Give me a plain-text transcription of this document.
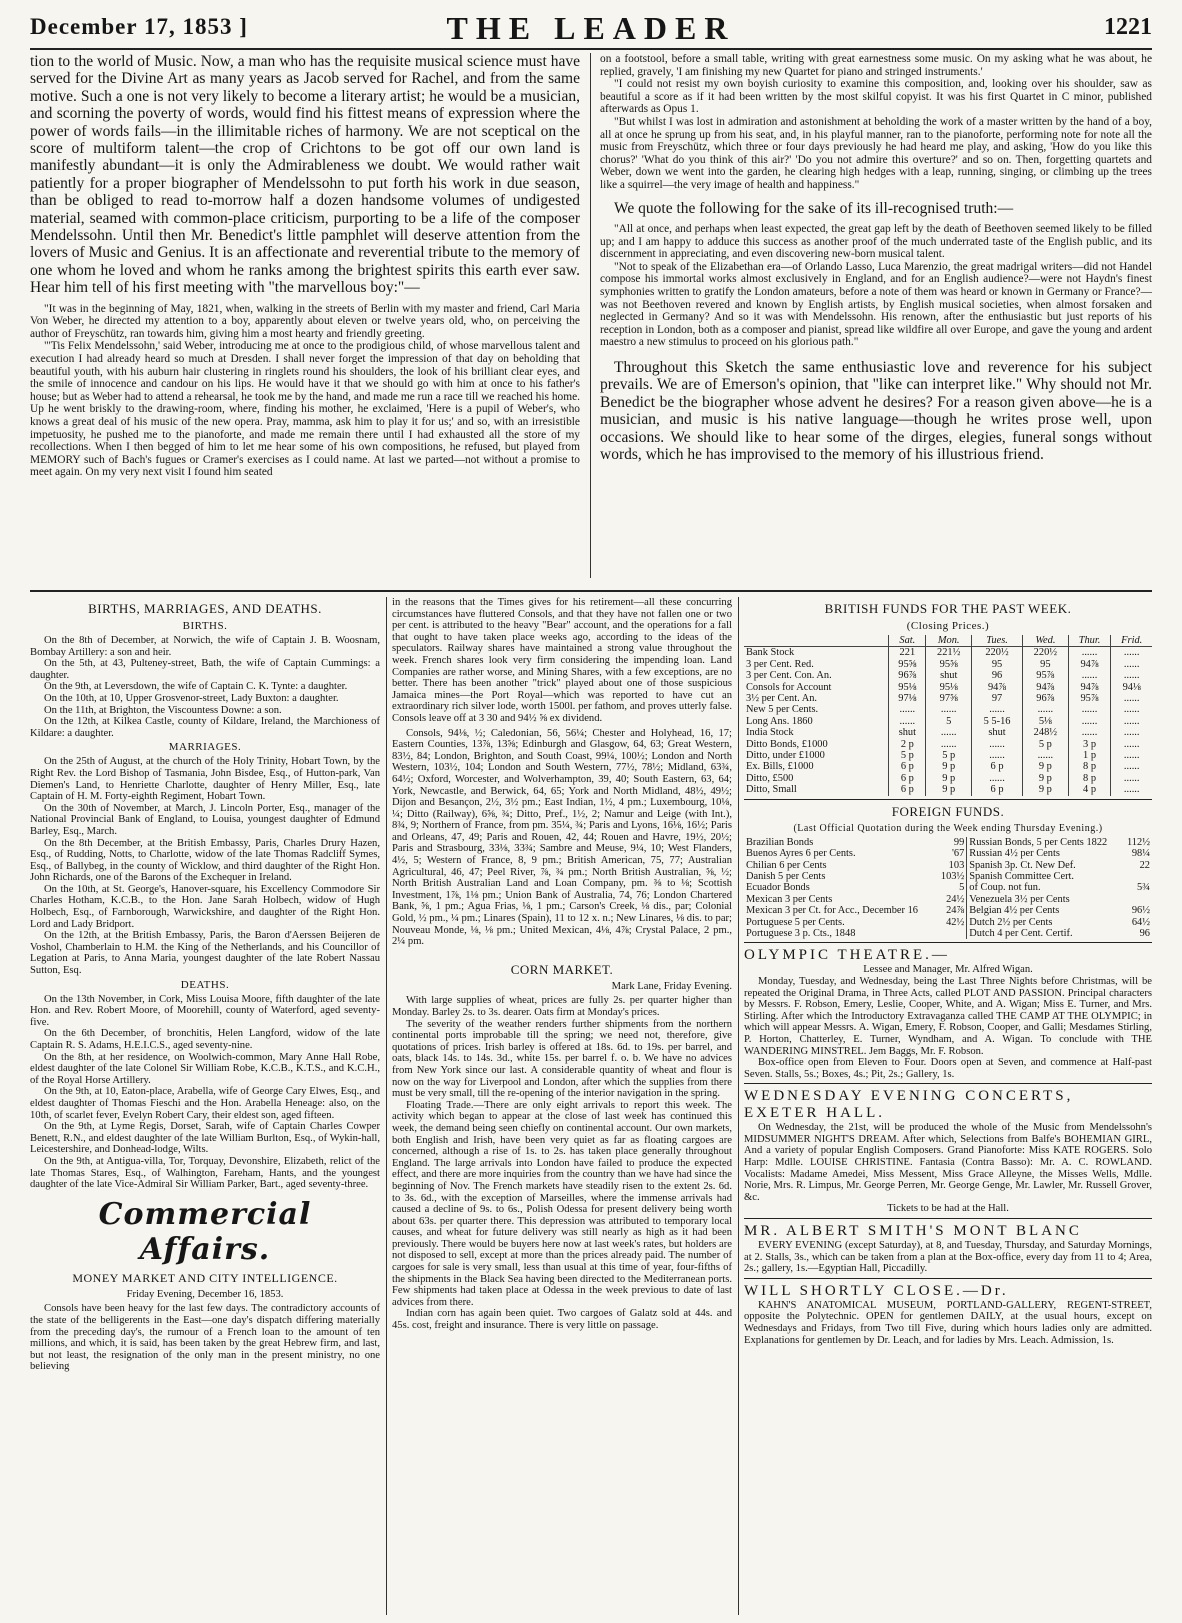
December 17, 1853 ]	THE LEADER	1221

tion to the world of Music. Now, a man who has the requisite musical science must have served for the Divine Art as many years as Jacob served for Rachel, and from the same motive. Such a one is not very likely to become a literary artist; he would be a musician, and scorning the poverty of words, would find his fittest means of expression where the power of words fails—in the illimitable riches of harmony. We are not sceptical on the score of multiform talent—the crop of Crichtons to be got off our own land is manifestly abundant—it is only the Admirableness we doubt. We would rather wait patiently for a proper biographer of Mendelssohn to put forth his work in due season, than be obliged to read to-morrow half a dozen handsome volumes of undigested material, seamed with common-place criticism, purporting to be a life of the composer Mendelssohn. Until then Mr. Benedict's little pamphlet will deserve attention from the lovers of Music and Genius. It is an affectionate and reverential tribute to the memory of one whom he loved and whom he ranks among the brightest spirits this earth ever saw. Hear him tell of his first meeting with "the marvellous boy:"—

"It was in the beginning of May, 1821, when, walking in the streets of Berlin with my master and friend, Carl Maria Von Weber, he directed my attention to a boy, apparently about eleven or twelve years old, who, on perceiving the author of Freyschütz, ran towards him, giving him a most hearty and friendly greeting.

"'Tis Felix Mendelssohn,' said Weber, introducing me at once to the prodigious child, of whose marvellous talent and execution I had already heard so much at Dresden. I shall never forget the impression of that day on beholding that beautiful youth, with his auburn hair clustering in ringlets round his shoulders, the look of his brilliant clear eyes, and the smile of innocence and candour on his lips. He would have it that we should go with him at once to his father's house; but as Weber had to attend a rehearsal, he took me by the hand, and made me run a race till we reached his home. Up he went briskly to the drawing-room, where, finding his mother, he exclaimed, 'Here is a pupil of Weber's, who knows a great deal of his music of the new opera. Pray, mamma, ask him to play it for us;' and so, with an irresistible impetuosity, he pushed me to the pianoforte, and made me remain there until I had exhausted all the store of my recollections. When I then begged of him to let me hear some of his own compositions, he refused, but played from MEMORY such of Bach's fugues or Cramer's exercises as I could name. At last we parted—not without a promise to meet again. On my very next visit I found him seated

on a footstool, before a small table, writing with great earnestness some music. On my asking what he was about, he replied, gravely, 'I am finishing my new Quartet for piano and stringed instruments.'

"I could not resist my own boyish curiosity to examine this composition, and, looking over his shoulder, saw as beautiful a score as if it had been written by the most skilful copyist. It was his first Quartet in C minor, published afterwards as Opus 1.

"But whilst I was lost in admiration and astonishment at beholding the work of a master written by the hand of a boy, all at once he sprung up from his seat, and, in his playful manner, ran to the pianoforte, performing note for note all the music from Freyschütz, which three or four days previously he had heard me play, and asking, 'How do you like this chorus?' 'What do you think of this air?' 'Do you not admire this overture?' and so on. Then, forgetting quartets and Weber, down we went into the garden, he clearing high hedges with a leap, running, singing, or climbing up the trees like a squirrel—the very image of health and happiness."

We quote the following for the sake of its ill-recognised truth:—

"All at once, and perhaps when least expected, the great gap left by the death of Beethoven seemed likely to be filled up; and I am happy to adduce this success as another proof of the much underrated taste of the English public, and its discernment in appreciating, and even discovering new-born musical talent.

"Not to speak of the Elizabethan era—of Orlando Lasso, Luca Marenzio, the great madrigal writers—did not Handel compose his immortal works almost exclusively in England, and for an English audience?—were not Haydn's finest symphonies written to gratify the London amateurs, before a note of them was heard or known in Germany or France?—was not Beethoven revered and known by English artists, by English musical societies, when almost forsaken and neglected in Germany? And so it was with Mendelssohn. His renown, after the enthusiastic but just reports of his reception in London, both as a composer and pianist, spread like wildfire all over Europe, and gave the young and ardent maestro a new stimulus to proceed on his glorious path."

Throughout this Sketch the same enthusiastic love and reverence for his subject prevails. We are of Emerson's opinion, that "like can interpret like." Why should not Mr. Benedict be the biographer whose advent he desires? For a reason given above—he is a musician, and music is his native language—though he writes prose well, upon occasions. We should like to hear some of the dirges, elegies, funeral songs without words, which he has improvised to the memory of his illustrious friend.

BIRTHS, MARRIAGES, AND DEATHS.
BIRTHS.

On the 8th of December, at Norwich, the wife of Captain J. B. Woosnam, Bombay Artillery: a son and heir.

On the 5th, at 43, Pulteney-street, Bath, the wife of Captain Cummings: a daughter.

On the 9th, at Leversdown, the wife of Captain C. K. Tynte: a daughter.

On the 10th, at 10, Upper Grosvenor-street, Lady Buxton: a daughter.

On the 11th, at Brighton, the Viscountess Downe: a son.

On the 12th, at Kilkea Castle, county of Kildare, Ireland, the Marchioness of Kildare: a daughter.

MARRIAGES.

On the 25th of August, at the church of the Holy Trinity, Hobart Town, by the Right Rev. the Lord Bishop of Tasmania, John Bisdee, Esq., of Hutton-park, Van Diemen's Land, to Henriette Charlotte, daughter of Henry Miller, Esq., late Captain of H. M. Forty-eighth Regiment, Hobart Town.

On the 30th of November, at March, J. Lincoln Porter, Esq., manager of the National Provincial Bank of England, to Louisa, youngest daughter of Edmund Barley, Esq., March.

On the 8th December, at the British Embassy, Paris, Charles Drury Hazen, Esq., of Rudding, Notts, to Charlotte, widow of the late Thomas Radcliff Symes, Esq., of Ballybeg, in the county of Wicklow, and third daughter of the Right Hon. John Richards, one of the Barons of the Exchequer in Ireland.

On the 10th, at St. George's, Hanover-square, his Excellency Commodore Sir Charles Hotham, K.C.B., to the Hon. Jane Sarah Holbech, widow of Hugh Holbech, Esq., of Farnborough, Warwickshire, and daughter of the Right Hon. Lord and Lady Bridport.

On the 12th, at the British Embassy, Paris, the Baron d'Aerssen Beijeren de Voshol, Chamberlain to H.M. the King of the Netherlands, and his Councillor of Legation at Paris, to Anna Maria, youngest daughter of the late Robert Nassau Sutton, Esq.

DEATHS.

On the 13th November, in Cork, Miss Louisa Moore, fifth daughter of the late Hon. and Rev. Robert Moore, of Moorehill, county of Waterford, aged seventy-five.

On the 6th December, of bronchitis, Helen Langford, widow of the late Captain R. S. Adams, H.E.I.C.S., aged seventy-nine.

On the 8th, at her residence, on Woolwich-common, Mary Anne Hall Robe, eldest daughter of the late Colonel Sir William Robe, K.C.B., K.T.S., and K.C.H., of the Royal Horse Artillery.

On the 9th, at 10, Eaton-place, Arabella, wife of George Cary Elwes, Esq., and eldest daughter of Thomas Fieschi and the Hon. Arabella Heneage: also, on the 10th, of scarlet fever, Evelyn Robert Cary, their eldest son, aged fifteen.

On the 9th, at Lyme Regis, Dorset, Sarah, wife of Captain Charles Cowper Benett, R.N., and eldest daughter of the late William Burlton, Esq., of Wykin-hall, Leicestershire, and Donhead-lodge, Wilts.

On the 9th, at Antigua-villa, Tor, Torquay, Devonshire, Elizabeth, relict of the late Thomas Stares, Esq., of Walhington, Fareham, Hants, and the youngest daughter of the late Vice-Admiral Sir William Parker, Bart., aged seventy-three.

Commercial Affairs.
MONEY MARKET AND CITY INTELLIGENCE.
Friday Evening, December 16, 1853.

Consols have been heavy for the last few days. The contradictory accounts of the state of the belligerents in the East—one day's dispatch differing materially from the preceding day's, the rumour of a French loan to the amount of ten millions, and which, it is said, has been taken by the great Hebrew firm, and last, but not least, the resignation of the only man in the present ministry, no one believing

in the reasons that the Times gives for his retirement—all these concurring circumstances have fluttered Consols, and that they have not fallen one or two per cent. is attributed to the heavy "Bear" account, and the operations for a fall that ought to have taken place weeks ago, according to the ideas of the speculators. Railway shares have maintained a strong value throughout the week. French shares look very firm considering the impending loan. Land Companies are rather worse, and Mining Shares, with a few exceptions, are no better. There has been another "trick" played about one of those suspicious Jamaica mines—the Port Royal—which was reported to have cut an extraordinary rich silver lode, worth 1500l. per fathom, and proves utterly false. Consols leave off at 3 30 and 94½ ⅝ ex dividend.

Consols, 94⅛, ½; Caledonian, 56, 56¼; Chester and Holyhead, 16, 17; Eastern Counties, 13⅞, 13⅝; Edinburgh and Glasgow, 64, 63; Great Western, 83½, 84; London, Brighton, and South Coast, 99¼, 100½; London and North Western, 103½, 104; London and South Western, 77½, 78½; Midland, 63¾, 64½; Oxford, Worcester, and Wolverhampton, 39, 40; South Eastern, 63, 64; York, Newcastle, and Berwick, 64, 65; York and North Midland, 48½, 49½; Dijon and Besançon, 2½, 3½ pm.; East Indian, 1½, 4 pm.; Luxembourg, 10⅛, ¼; Ditto (Railway), 6⅝, ¾; Ditto, Pref., 1½, 2; Namur and Leige (with Int.), 8¾, 9; Northern of France, from pm. 35¼, ¾; Paris and Lyons, 16⅛, 16½; Paris and Orleans, 47, 49; Paris and Rouen, 42, 44; Rouen and Havre, 19½, 20½; Paris and Strasbourg, 33⅛, 33¾; Sambre and Meuse, 9¼, 10; West Flanders, 4½, 5; Western of France, 8, 9 pm.; British American, 75, 77; Australian Agricultural, 46, 47; Peel River, ⅞, ¾ pm.; North British Australian, ⅝, ½; North British Australian Land and Loan Company, pm. ⅜ to ⅛; Scottish Investment, 1⅞, 1⅛ pm.; Union Bank of Australia, 74, 76; London Chartered Bank, ⅝, 1 pm.; Agua Frias, ⅛, 1 pm.; Carson's Creek, ⅛ dis., par; Colonial Gold, ½ pm., ¼ pm.; Linares (Spain), 11 to 12 x. n.; New Linares, ⅛ dis. to par; Nouveau Monde, ⅛, ⅛ pm.; United Mexican, 4⅛, 4⅞; Crystal Palace, 2 pm., 2¼ pm.

CORN MARKET.
Mark Lane, Friday Evening.

With large supplies of wheat, prices are fully 2s. per quarter higher than Monday. Barley 2s. to 3s. dearer. Oats firm at Monday's prices.

The severity of the weather renders further shipments from the northern continental ports improbable till the spring; we need not, therefore, give quotations of prices. Irish barley is offered at 18s. 6d. to 19s. per barrel, and oats, black 14s. to 14s. 3d., white 15s. per barrel f. o. b. We have no advices from New York since our last. A considerable quantity of wheat and flour is now on the way for Liverpool and London, after which the supplies from there must be very small, till the re-opening of the interior navigation in the spring.

Floating Trade.—There are only eight arrivals to report this week. The activity which began to appear at the close of last week has continued this week, the demand being seen chiefly on continental account. Our own markets, both English and Irish, have been very quiet as far as floating cargoes are concerned, although a rise of 1s. to 2s. has taken place generally throughout England. The large arrivals into London have failed to produce the expected effect, and there are more inquiries from the country than we have had since the beginning of Nov. The French markets have steadily risen to the extent 2s. 6d. to 3s. 6d., with the exception of Marseilles, where the immense arrivals had caused a decline of 9s. to 6s., Polish Odessa for present delivery being worth about 63s. per quarter there. This depression was attributed to temporary local causes, and wheat for future delivery was still nearly as high as it had been previously. There would be buyers here now at last week's rates, but holders are not disposed to sell, except at more than the prices already paid. The number of cargoes for sale is very small, less than usual at this time of year, four-fifths of the shipments in the Black Sea having been directed to the Mediterranean ports. Few shipments had taken place at Odessa in the week previous to date of last advices from there.

Indian corn has again been quiet. Two cargoes of Galatz sold at 44s. and 45s. cost, freight and insurance. There is very little on passage.

BRITISH FUNDS FOR THE PAST WEEK.
(Closing Prices.)
	Sat.	Mon.	Tues.	Wed.	Thur.	Frid.
Bank Stock	221	221½	220½	220½	......	......
3 per Cent. Red.	95⅝	95⅝	95	95	94⅞	......
3 per Cent. Con. An.	96⅞	shut	96	95⅞	......	......
Consols for Account	95⅛	95⅛	94⅞	94⅞	94⅞	94⅛
3½ per Cent. An.	97⅛	97⅝	97	96⅞	95⅞	......
New 5 per Cents.	......	......	......	......	......	......
Long Ans. 1860	......	5	5 5-16	5⅛	......	......
India Stock	shut	......	shut	248½	......	......
Ditto Bonds, £1000	2 p	......	......	5 p	3 p	......
Ditto, under £1000	5 p	5 p	......	......	1 p	......
Ex. Bills, £1000	6 p	9 p	6 p	9 p	8 p	......
Ditto, £500	6 p	9 p	......	9 p	8 p	......
Ditto, Small	6 p	9 p	6 p	9 p	4 p	......
FOREIGN FUNDS.
(Last Official Quotation during the Week ending Thursday Evening.)
Brazilian Bonds	99	Russian Bonds, 5 per Cents 1822	112½
Buenos Ayres 6 per Cents.	'67	Russian 4½ per Cents	98¼
Chilian 6 per Cents	103	Spanish 3p. Ct. New Def.	22
Danish 5 per Cents	103½	Spanish Committee Cert.	
Ecuador Bonds	5	of Coup. not fun.	5¾
Mexican 3 per Cents	24½	Venezuela 3½ per Cents	
Mexican 3 per Ct. for Acc., December 16	24⅞	Belgian 4½ per Cents	96½
Portuguese 5 per Cents.	42½	Dutch 2½ per Cents	64½
Portuguese 3 p. Cts., 1848		Dutch 4 per Cent. Certif.	96
OLYMPIC THEATRE.—
Lessee and Manager, Mr. Alfred Wigan.

Monday, Tuesday, and Wednesday, being the Last Three Nights before Christmas, will be repeated the Original Drama, in Three Acts, called PLOT AND PASSION. Principal characters by Messrs. F. Robson, Emery, Leslie, Cooper, White, and A. Wigan; Miss E. Turner, and Mrs. Stirling. After which the Introductory Extravaganza called THE CAMP AT THE OLYMPIC; in which will appear Messrs. A. Wigan, Emery, F. Robson, Cooper, and Galli; Mesdames Stirling, P. Horton, Chatterley, E. Turner, Wyndham, and A. Wigan. To conclude with THE WANDERING MINSTREL. Jem Baggs, Mr. F. Robson.

Box-office open from Eleven to Four. Doors open at Seven, and commence at Half-past Seven. Stalls, 5s.; Boxes, 4s.; Pit, 2s.; Gallery, 1s.

WEDNESDAY EVENING CONCERTS, EXETER HALL.

On Wednesday, the 21st, will be produced the whole of the Music from Mendelssohn's MIDSUMMER NIGHT'S DREAM. After which, Selections from Balfe's BOHEMIAN GIRL, And a variety of popular English Composers. Grand Pianoforte: Miss KATE ROGERS. Solo Harp: Mdlle. LOUISE CHRISTINE. Fantasia (Contra Basso): Mr. A. C. ROWLAND. Vocalists: Madame Amedei, Miss Messent, Miss Grace Alleyne, the Misses Wells, Mdlle. Norie, Mrs. R. Limpus, Mr. George Perren, Mr. George Genge, Mr. Lawler, Mr. Russell Grover, &c.

Tickets to be had at the Hall.
MR. ALBERT SMITH'S MONT BLANC

EVERY EVENING (except Saturday), at 8, and Tuesday, Thursday, and Saturday Mornings, at 2. Stalls, 3s., which can be taken from a plan at the Box-office, every day from 11 to 4; Area, 2s.; gallery, 1s.—Egyptian Hall, Piccadilly.

WILL SHORTLY CLOSE.—Dr.

KAHN'S ANATOMICAL MUSEUM, PORTLAND-GALLERY, REGENT-STREET, opposite the Polytechnic. OPEN for gentlemen DAILY, at the usual hours, except on Wednesdays and Fridays, from Two till Five, during which hours ladies only are admitted. Explanations for gentlemen by Dr. Leach, and for ladies by Mrs. Leach. Admission, 1s.
